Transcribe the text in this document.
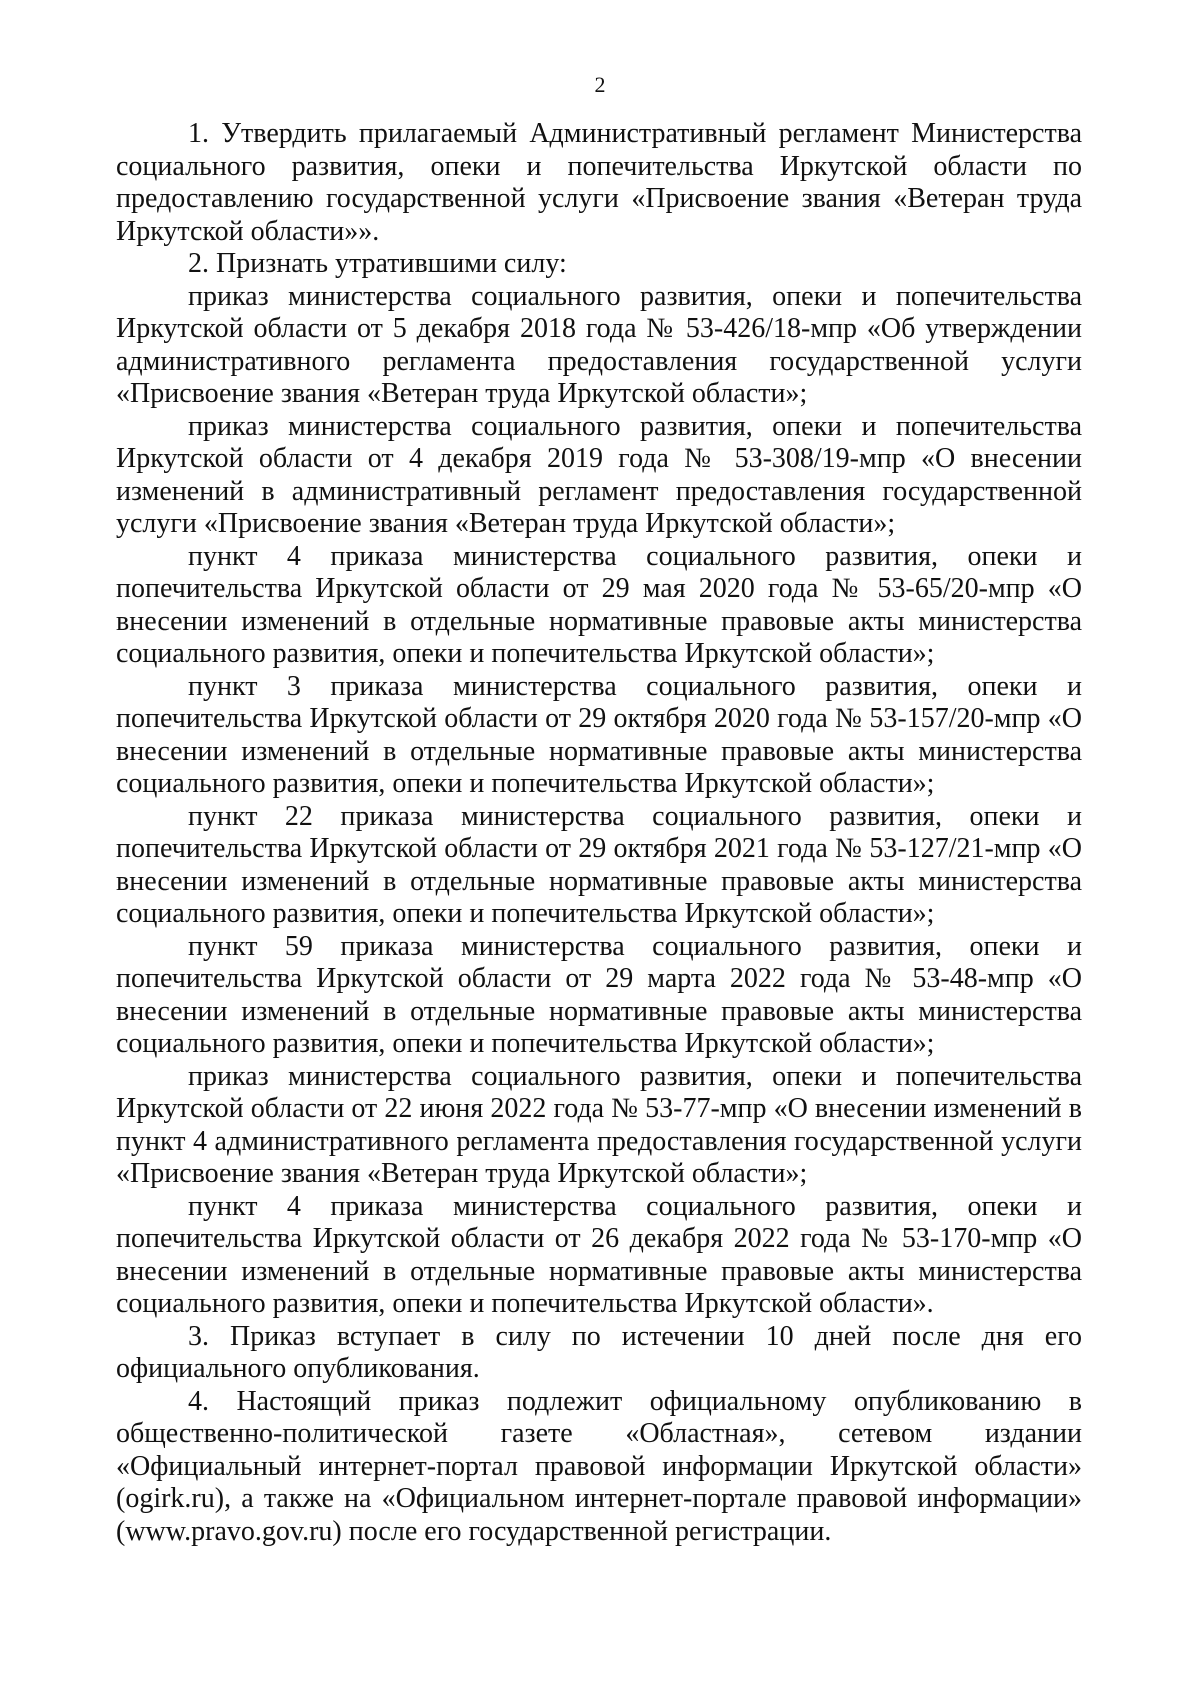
2

1. Утвердить прилагаемый Административный регламент Министерства социального развития, опеки и попечительства Иркутской области по предоставлению государственной услуги «Присвоение звания «Ветеран труда Иркутской области»».

2. Признать утратившими силу:

приказ министерства социального развития, опеки и попечительства Иркутской области от 5 декабря 2018 года № 53-426/18-мпр «Об утверждении административного регламента предоставления государственной услуги «Присвоение звания «Ветеран труда Иркутской области»;

приказ министерства социального развития, опеки и попечительства Иркутской области от 4 декабря 2019 года № 53-308/19-мпр «О внесении изменений в административный регламент предоставления государственной услуги «Присвоение звания «Ветеран труда Иркутской области»;

пункт 4 приказа министерства социального развития, опеки и попечительства Иркутской области от 29 мая 2020 года № 53-65/20-мпр «О внесении изменений в отдельные нормативные правовые акты министерства социального развития, опеки и попечительства Иркутской области»;

пункт 3 приказа министерства социального развития, опеки и попечительства Иркутской области от 29 октября 2020 года № 53-157/20-мпр «О внесении изменений в отдельные нормативные правовые акты министерства социального развития, опеки и попечительства Иркутской области»;

пункт 22 приказа министерства социального развития, опеки и попечительства Иркутской области от 29 октября 2021 года № 53-127/21-мпр «О внесении изменений в отдельные нормативные правовые акты министерства социального развития, опеки и попечительства Иркутской области»;

пункт 59 приказа министерства социального развития, опеки и попечительства Иркутской области от 29 марта 2022 года № 53-48-мпр «О внесении изменений в отдельные нормативные правовые акты министерства социального развития, опеки и попечительства Иркутской области»;

приказ министерства социального развития, опеки и попечительства Иркутской области от 22 июня 2022 года № 53-77-мпр «О внесении изменений в пункт 4 административного регламента предоставления государственной услуги «Присвоение звания «Ветеран труда Иркутской области»;

пункт 4 приказа министерства социального развития, опеки и попечительства Иркутской области от 26 декабря 2022 года № 53-170-мпр «О внесении изменений в отдельные нормативные правовые акты министерства социального развития, опеки и попечительства Иркутской области».

3. Приказ вступает в силу по истечении 10 дней после дня его официального опубликования.

4. Настоящий приказ подлежит официальному опубликованию в общественно-политической газете «Областная», сетевом издании «Официальный интернет-портал правовой информации Иркутской области» (ogirk.ru), а также на «Официальном интернет-портале правовой информации» (www.pravo.gov.ru) после его государственной регистрации.
